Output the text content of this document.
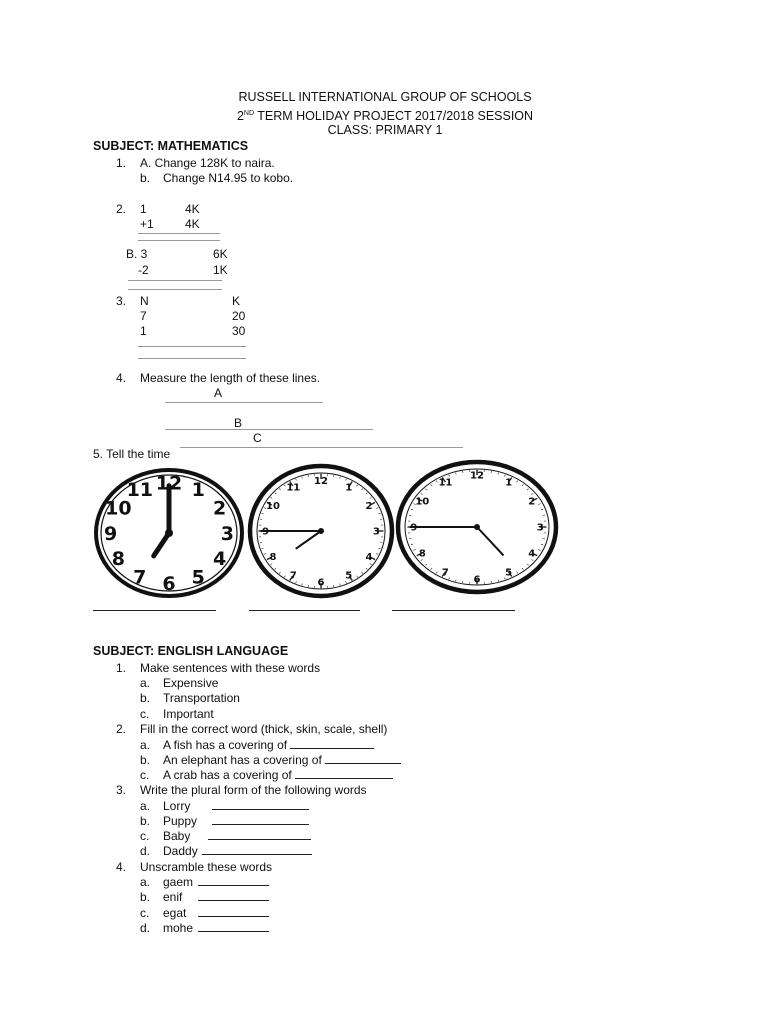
RUSSELL INTERNATIONAL GROUP OF SCHOOLS
2ND TERM HOLIDAY PROJECT 2017/2018 SESSION
CLASS: PRIMARY 1
SUBJECT: MATHEMATICS
1. A. Change 128K to naira.
b. Change N14.95 to kobo.
2. 1	4K
+1	4K
B. 3	6K
-2	1K
3. N	K
7	20
1	30
4. Measure the length of these lines.
A
B
C
5. Tell the time
1
2
3
4
5
6
7
8
9
10
11 12	1
2
3
4
5
6
7
8
9
10
11
12	1
2
3
4
5
6
7
8
9
10
11
12
SUBJECT: ENGLISH LANGUAGE
1. Make sentences with these words
a. Expensive
b. Transportation
c. Important
2. Fill in the correct word (thick, skin, scale, shell)
a. A fish has a covering of
b. An elephant has a covering of
c. A crab has a covering of
3. Write the plural form of the following words
a. Lorry
b. Puppy
c. Baby
d. Daddy
4. Unscramble these words
a. gaem
b. enif
c. egat
d. mohe
